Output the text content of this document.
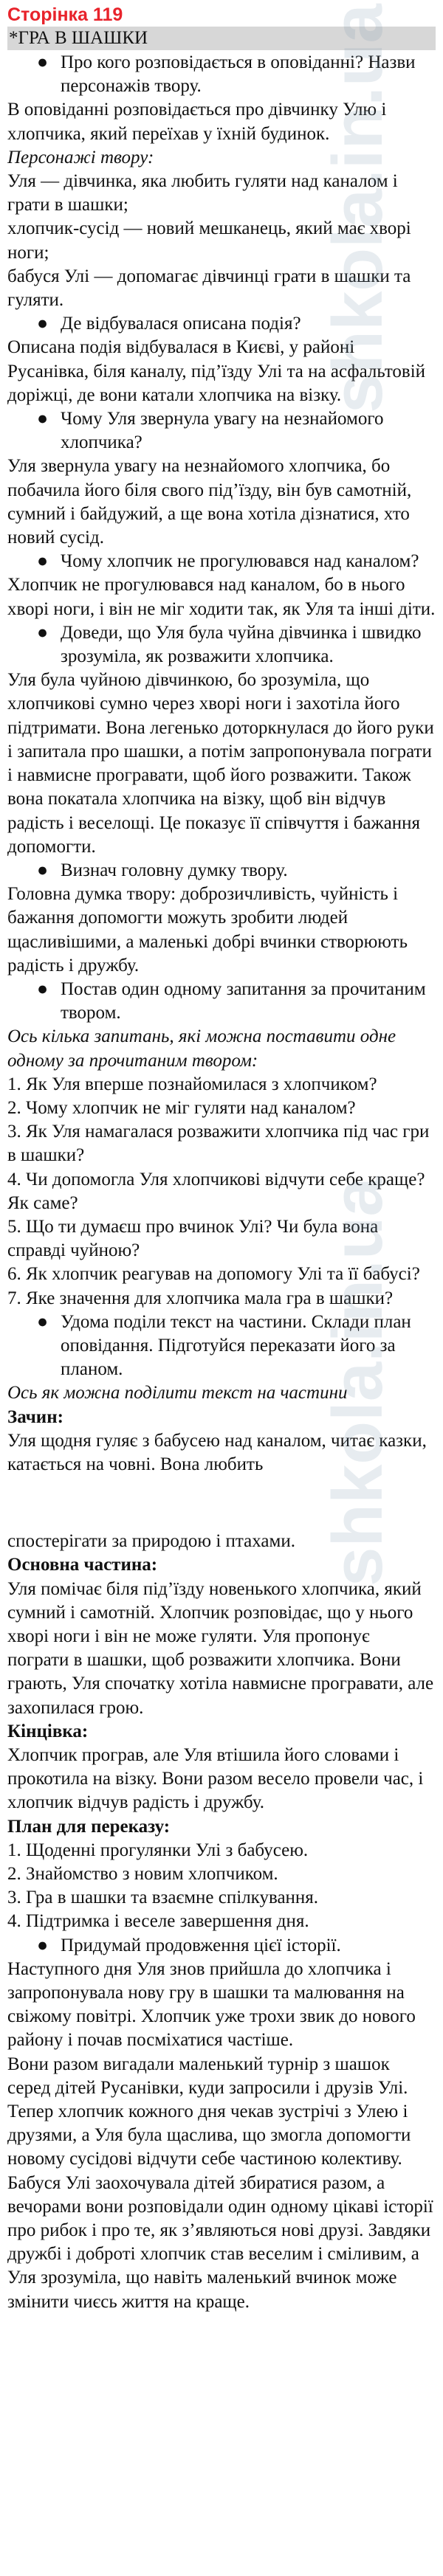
Сторінка 119
*ГРА В ШАШКИ

● Про кого розповідається в оповіданні? Назви персонажів твору.

В оповіданні розповідається про дівчинку Улю і хлопчика, який переїхав у їхній будинок.

Персонажі твору:

Уля — дівчинка, яка любить гуляти над каналом і грати в шашки;

хлопчик-сусід — новий мешканець, який має хворі ноги;

бабуся Улі — допомагає дівчинці грати в шашки та гуляти.

● Де відбувалася описана подія?

Описана подія відбувалася в Києві, у районі Русанівка, біля каналу, під’їзду Улі та на асфальтовій доріжці, де вони катали хлопчика на візку.

● Чому Уля звернула увагу на незнайомого хлопчика?

Уля звернула увагу на незнайомого хлопчика, бо побачила його біля свого під’їзду, він був самотній, сумний і байдужий, а ще вона хотіла дізнатися, хто новий сусід.

● Чому хлопчик не прогулювався над каналом?

Хлопчик не прогулювався над каналом, бо в нього хворі ноги, і він не міг ходити так, як Уля та інші діти.

● Доведи, що Уля була чуйна дівчинка і швидко зрозуміла, як розважити хлопчика.

Уля була чуйною дівчинкою, бо зрозуміла, що хлопчикові сумно через хворі ноги і захотіла його підтримати. Вона легенько доторкнулася до його руки і запитала про шашки, а потім запропонувала пограти і навмисне програвати, щоб його розважити. Також вона покатала хлопчика на візку, щоб він відчув радість і веселощі. Це показує її співчуття і бажання допомогти.

● Визнач головну думку твору.

Головна думка твору: доброзичливість, чуйність і бажання допомогти можуть зробити людей щасливішими, а маленькі добрі вчинки створюють радість і дружбу.

● Постав один одному запитання за прочитаним твором.

Ось кілька запитань, які можна поставити одне одному за прочитаним твором:

1. Як Уля вперше познайомилася з хлопчиком?

2. Чому хлопчик не міг гуляти над каналом?

3. Як Уля намагалася розважити хлопчика під час гри в шашки?

4. Чи допомогла Уля хлопчикові відчути себе краще? Як саме?

5. Що ти думаєш про вчинок Улі? Чи була вона справді чуйною?

6. Як хлопчик реагував на допомогу Улі та її бабусі?

7. Яке значення для хлопчика мала гра в шашки?

● Удома поділи текст на частини. Склади план оповідання. Підготуйся переказати його за планом.

Ось як можна поділити текст на частини

Зачин:

Уля щодня гуляє з бабусею над каналом, читає казки, катається на човні. Вона любить

спостерігати за природою і птахами.

Основна частина:

Уля помічає біля під’їзду новенького хлопчика, який сумний і самотній. Хлопчик розповідає, що у нього хворі ноги і він не може гуляти. Уля пропонує пограти в шашки, щоб розважити хлопчика. Вони грають, Уля спочатку хотіла навмисне програвати, але захопилася грою.

Кінцівка:

Хлопчик програв, але Уля втішила його словами і прокотила на візку. Вони разом весело провели час, і хлопчик відчув радість і дружбу.

План для переказу:

1. Щоденні прогулянки Улі з бабусею.

2. Знайомство з новим хлопчиком.

3. Гра в шашки та взаємне спілкування.

4. Підтримка і веселе завершення дня.

● Придумай продовження цієї історії.

Наступного дня Уля знов прийшла до хлопчика і запропонувала нову гру в шашки та малювання на свіжому повітрі. Хлопчик уже трохи звик до нового району і почав посміхатися частіше.

Вони разом вигадали маленький турнір з шашок серед дітей Русанівки, куди запросили і друзів Улі. Тепер хлопчик кожного дня чекав зустрічі з Улею і друзями, а Уля була щаслива, що змогла допомогти новому сусідові відчути себе частиною колективу.

Бабуся Улі заохочувала дітей збиратися разом, а вечорами вони розповідали один одному цікаві історії про рибок і про те, як з’являються нові друзі. Завдяки дружбі і доброті хлопчик став веселим і сміливим, а Уля зрозуміла, що навіть маленький вчинок може змінити чиєсь життя на краще.

shkola.in.ua
shkola.in.ua
